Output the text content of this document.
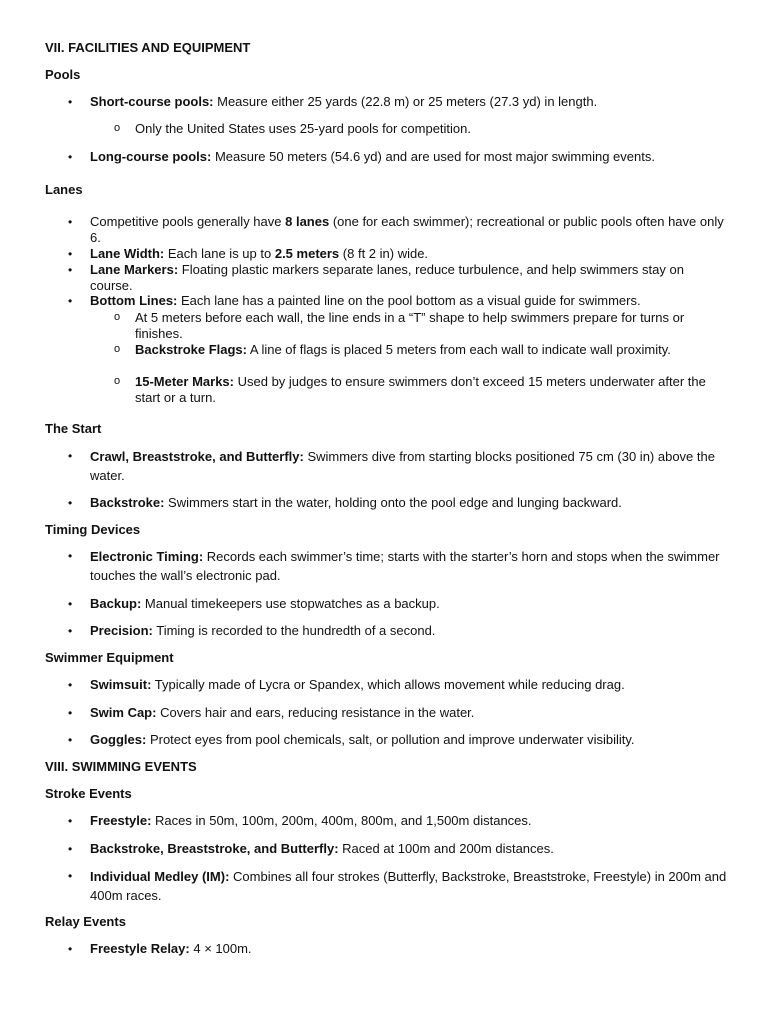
VII. FACILITIES AND EQUIPMENT
Pools
• Short-course pools: Measure either 25 yards (22.8 m) or 25 meters (27.3 yd) in length.
o Only the United States uses 25-yard pools for competition.
• Long-course pools: Measure 50 meters (54.6 yd) and are used for most major swimming events.
Lanes
• Competitive pools generally have 8 lanes (one for each swimmer); recreational or public pools often have only 6.
• Lane Width: Each lane is up to 2.5 meters (8 ft 2 in) wide.
• Lane Markers: Floating plastic markers separate lanes, reduce turbulence, and help swimmers stay on course.
• Bottom Lines: Each lane has a painted line on the pool bottom as a visual guide for swimmers.
o At 5 meters before each wall, the line ends in a “T” shape to help swimmers prepare for turns or finishes.
o Backstroke Flags: A line of flags is placed 5 meters from each wall to indicate wall proximity.
o 15-Meter Marks: Used by judges to ensure swimmers don’t exceed 15 meters underwater after the start or a turn.
The Start
• Crawl, Breaststroke, and Butterfly: Swimmers dive from starting blocks positioned 75 cm (30 in) above the water.
• Backstroke: Swimmers start in the water, holding onto the pool edge and lunging backward.
Timing Devices
• Electronic Timing: Records each swimmer’s time; starts with the starter’s horn and stops when the swimmer touches the wall’s electronic pad.
• Backup: Manual timekeepers use stopwatches as a backup.
• Precision: Timing is recorded to the hundredth of a second.
Swimmer Equipment
• Swimsuit: Typically made of Lycra or Spandex, which allows movement while reducing drag.
• Swim Cap: Covers hair and ears, reducing resistance in the water.
• Goggles: Protect eyes from pool chemicals, salt, or pollution and improve underwater visibility.
VIII. SWIMMING EVENTS
Stroke Events
• Freestyle: Races in 50m, 100m, 200m, 400m, 800m, and 1,500m distances.
• Backstroke, Breaststroke, and Butterfly: Raced at 100m and 200m distances.
• Individual Medley (IM): Combines all four strokes (Butterfly, Backstroke, Breaststroke, Freestyle) in 200m and 400m races.
Relay Events
• Freestyle Relay: 4 × 100m.
